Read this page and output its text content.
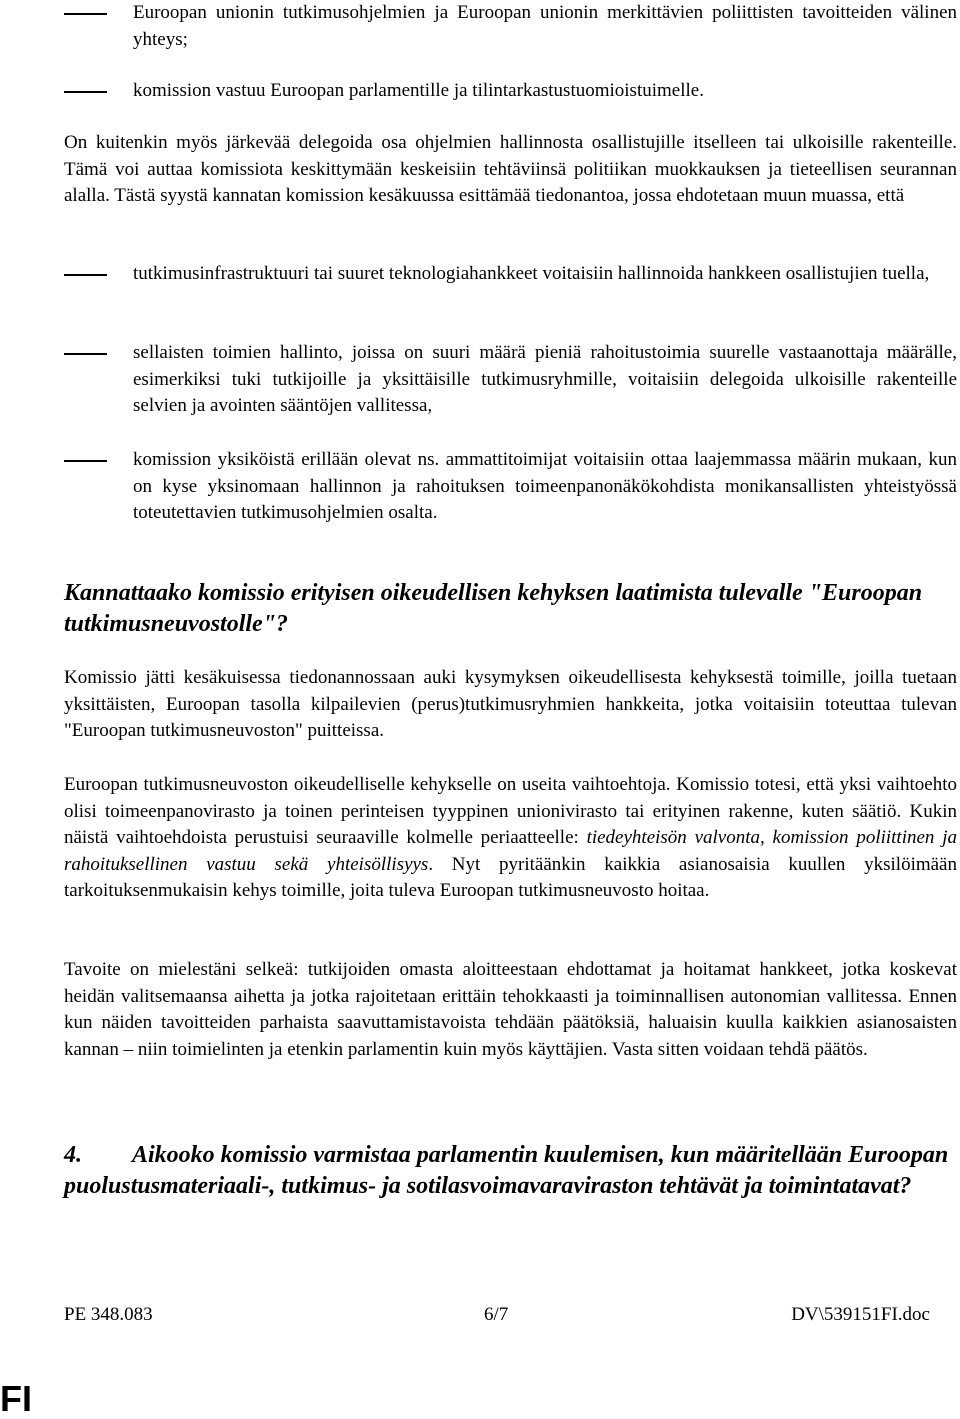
Euroopan unionin tutkimusohjelmien ja Euroopan unionin merkittävien poliittisten tavoitteiden välinen yhteys;
komission vastuu Euroopan parlamentille ja tilintarkastustuomioistuimelle.
On kuitenkin myös järkevää delegoida osa ohjelmien hallinnosta osallistujille itselleen tai ulkoisille rakenteille. Tämä voi auttaa komissiota keskittymään keskeisiin tehtäviinsä politiikan muokkauksen ja tieteellisen seurannan alalla. Tästä syystä kannatan komission kesäkuussa esittämää tiedonantoa, jossa ehdotetaan muun muassa, että
tutkimusinfrastruktuuri tai suuret teknologiahankkeet voitaisiin hallinnoida hankkeen osallistujien tuella,
sellaisten toimien hallinto, joissa on suuri määrä pieniä rahoitustoimia suurelle vastaanottaja määrälle, esimerkiksi tuki tutkijoille ja yksittäisille tutkimusryhmille, voitaisiin delegoida ulkoisille rakenteille selvien ja avointen sääntöjen vallitessa,
komission yksiköistä erillään olevat ns. ammattitoimijat voitaisiin ottaa laajemmassa määrin mukaan, kun on kyse yksinomaan hallinnon ja rahoituksen toimeenpanonäkökohdista monikansallisten yhteistyössä toteutettavien tutkimusohjelmien osalta.
Kannattaako komissio erityisen oikeudellisen kehyksen laatimista tulevalle "Euroopan tutkimusneuvostolle"?
Komissio jätti kesäkuisessa tiedonannossaan auki kysymyksen oikeudellisesta kehyksestä toimille, joilla tuetaan yksittäisten, Euroopan tasolla kilpailevien (perus)tutkimusryhmien hankkeita, jotka voitaisiin toteuttaa tulevan "Euroopan tutkimusneuvoston" puitteissa.
Euroopan tutkimusneuvoston oikeudelliselle kehykselle on useita vaihtoehtoja. Komissio totesi, että yksi vaihtoehto olisi toimeenpanovirasto ja toinen perinteisen tyyppinen unionivirasto tai erityinen rakenne, kuten säätiö. Kukin näistä vaihtoehdoista perustuisi seuraaville kolmelle periaatteelle: tiedeyhteisön valvonta, komission poliittinen ja rahoituksellinen vastuu sekä yhteisöllisyys. Nyt pyritäänkin kaikkia asianosaisia kuullen yksilöimään tarkoituksenmukaisin kehys toimille, joita tuleva Euroopan tutkimusneuvosto hoitaa.
Tavoite on mielestäni selkeä: tutkijoiden omasta aloitteestaan ehdottamat ja hoitamat hankkeet, jotka koskevat heidän valitsemaansa aihetta ja jotka rajoitetaan erittäin tehokkaasti ja toiminnallisen autonomian vallitessa. Ennen kun näiden tavoitteiden parhaista saavuttamistavoista tehdään päätöksiä, haluaisin kuulla kaikkien asianosaisten kannan – niin toimielinten ja etenkin parlamentin kuin myös käyttäjien. Vasta sitten voidaan tehdä päätös.
4. Aikooko komissio varmistaa parlamentin kuulemisen, kun määritellään Euroopan puolustusmateriaali-, tutkimus- ja sotilasvoimavaraviraston tehtävät ja toimintatavat?
PE 348.083	6/7	DV\539151FI.doc
FI
